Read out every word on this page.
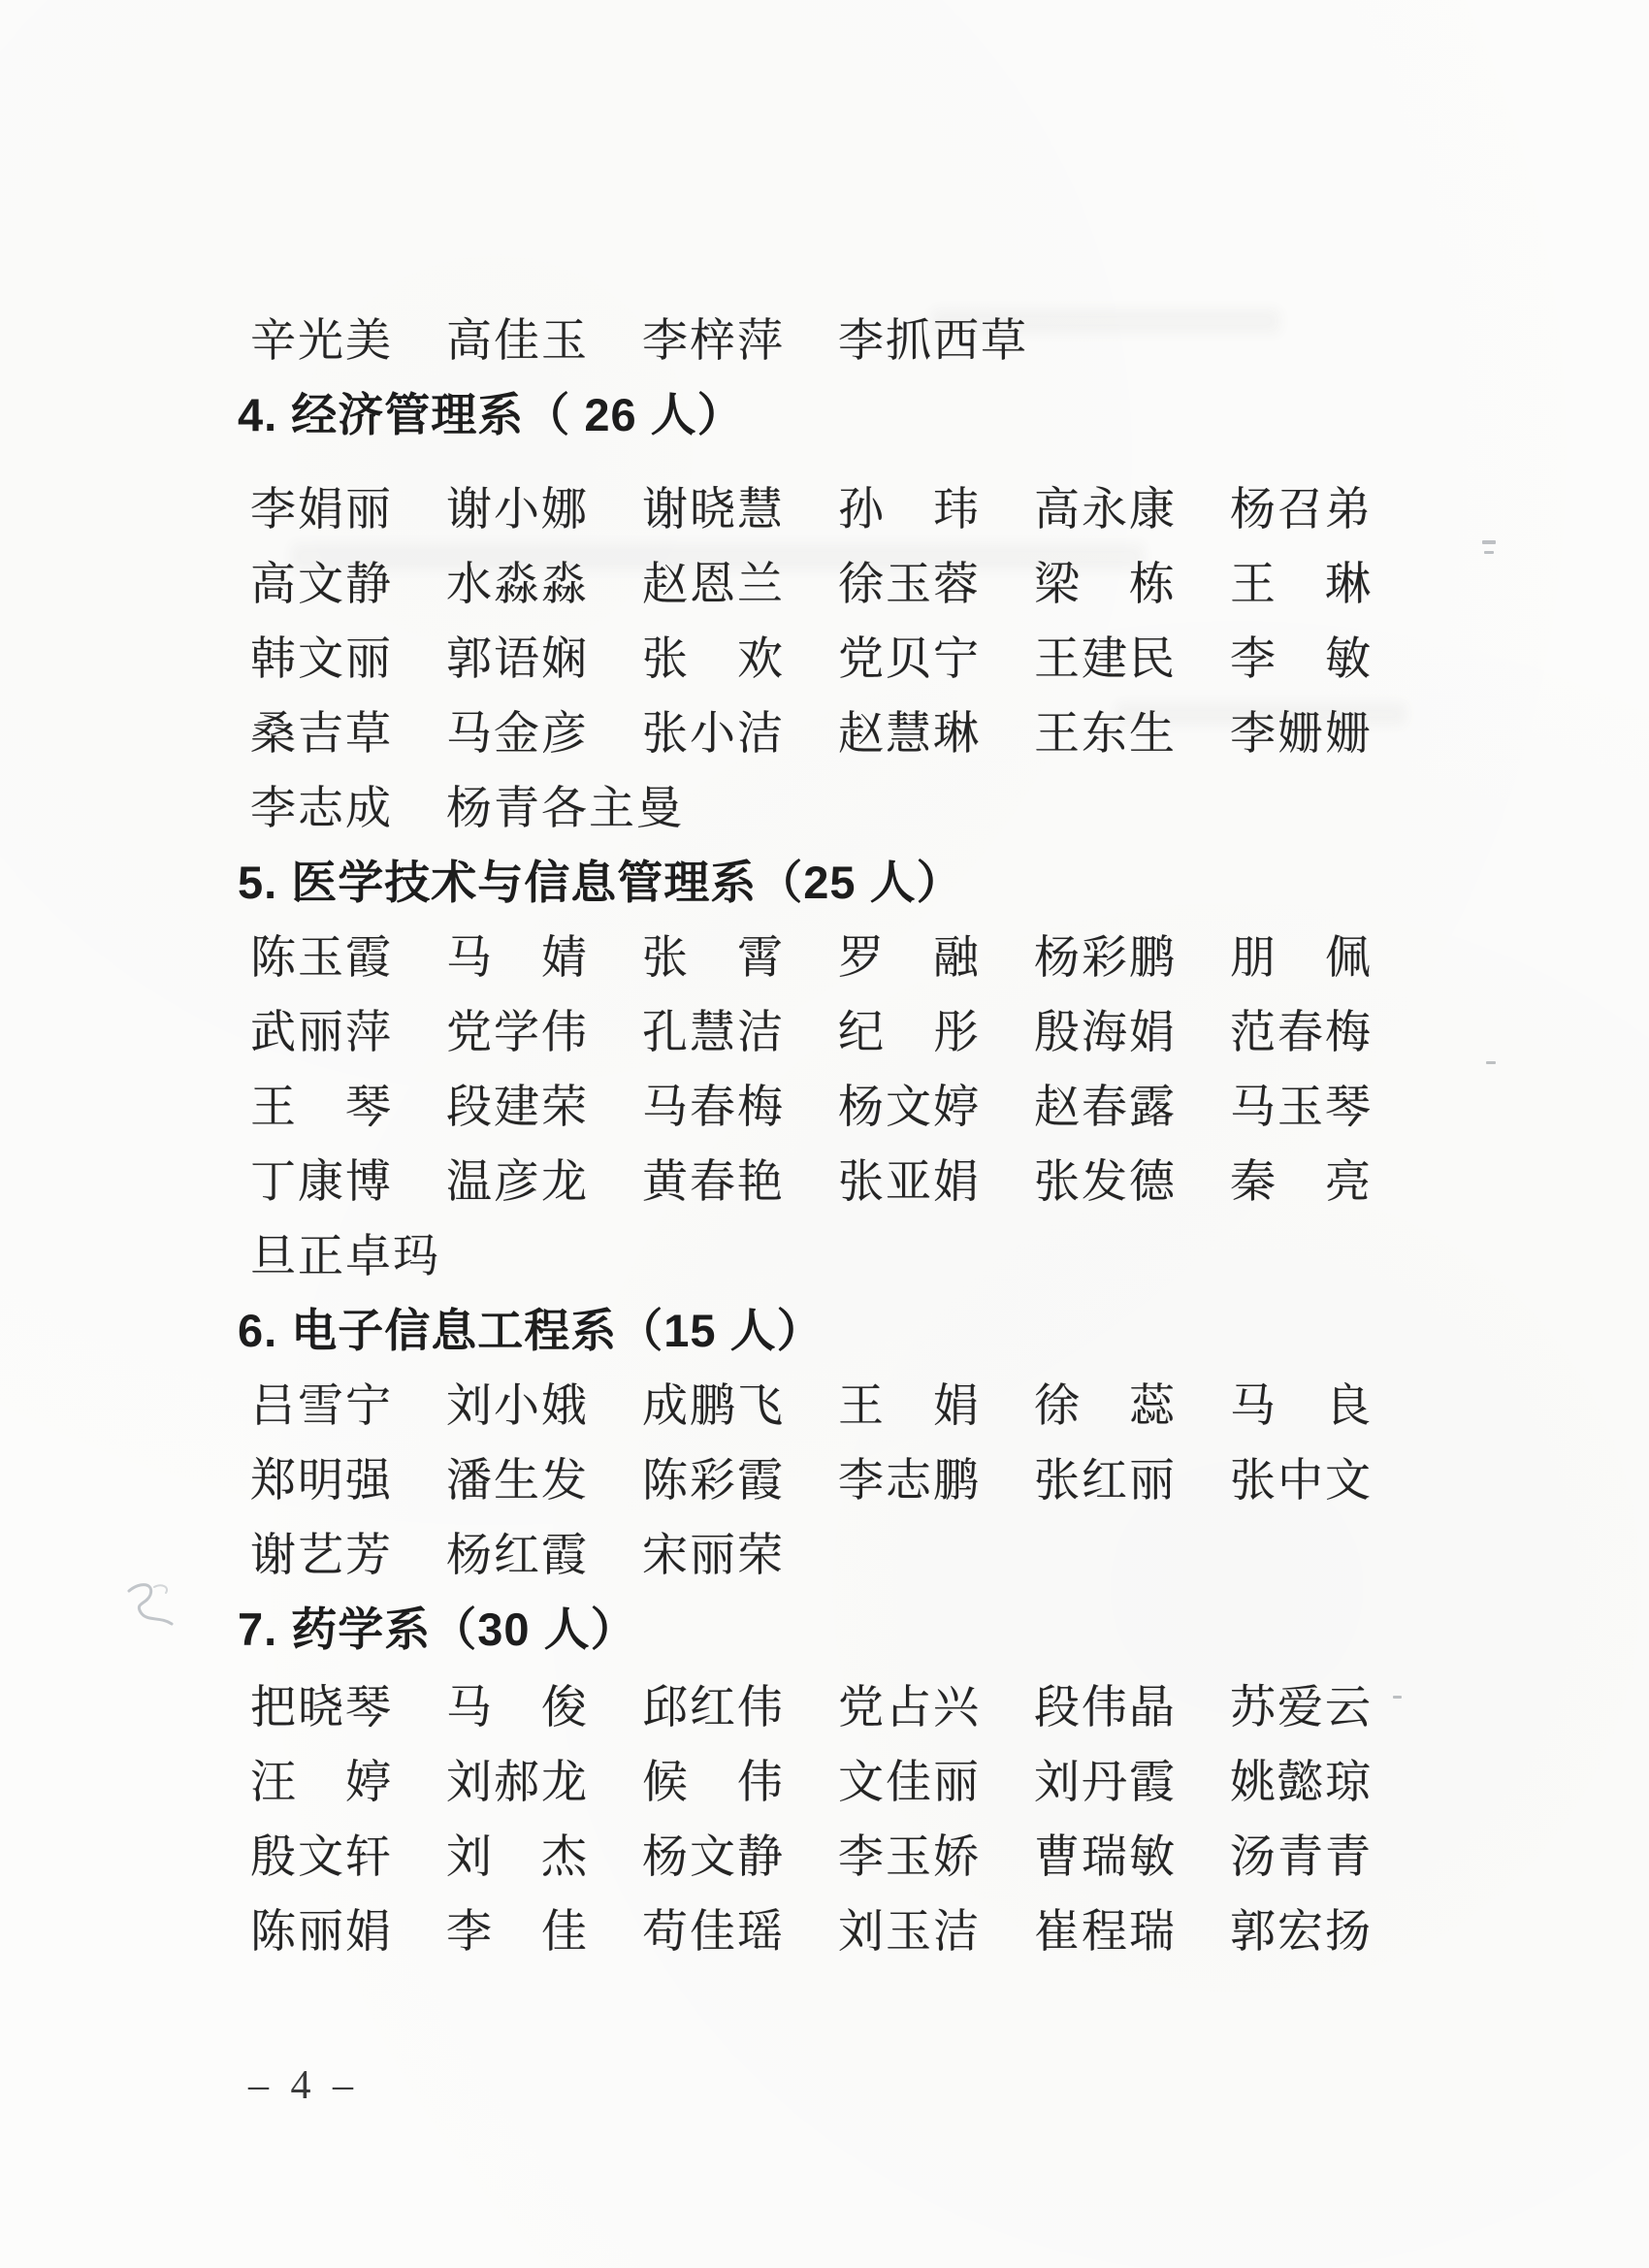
辛光美	高佳玉	李梓萍	李抓西草
4. 经济管理系（ 26 人）
李娟丽	谢小娜	谢晓慧	孙　玮	高永康	杨召弟
高文静	水淼淼	赵恩兰	徐玉蓉	梁　栋	王　琳
韩文丽	郭语娴	张　欢	党贝宁	王建民	李　敏
桑吉草	马金彦	张小洁	赵慧琳	王东生	李姗姗
李志成	杨青各主曼
5. 医学技术与信息管理系（25 人）
陈玉霞	马　婧	张　霄	罗　融	杨彩鹏	朋　佩
武丽萍	党学伟	孔慧洁	纪　彤	殷海娟	范春梅
王　琴	段建荣	马春梅	杨文婷	赵春露	马玉琴
丁康博	温彦龙	黄春艳	张亚娟	张发德	秦　亮
旦正卓玛
6. 电子信息工程系（15 人）
吕雪宁	刘小娥	成鹏飞	王　娟	徐　蕊	马　良
郑明强	潘生发	陈彩霞	李志鹏	张红丽	张中文
谢艺芳	杨红霞	宋丽荣
7. 药学系（30 人）
把晓琴	马　俊	邱红伟	党占兴	段伟晶	苏爱云
汪　婷	刘郝龙	候　伟	文佳丽	刘丹霞	姚懿琼
殷文轩	刘　杰	杨文静	李玉娇	曹瑞敏	汤青青
陈丽娟	李　佳	苟佳瑶	刘玉洁	崔程瑞	郭宏扬
– 4 –
